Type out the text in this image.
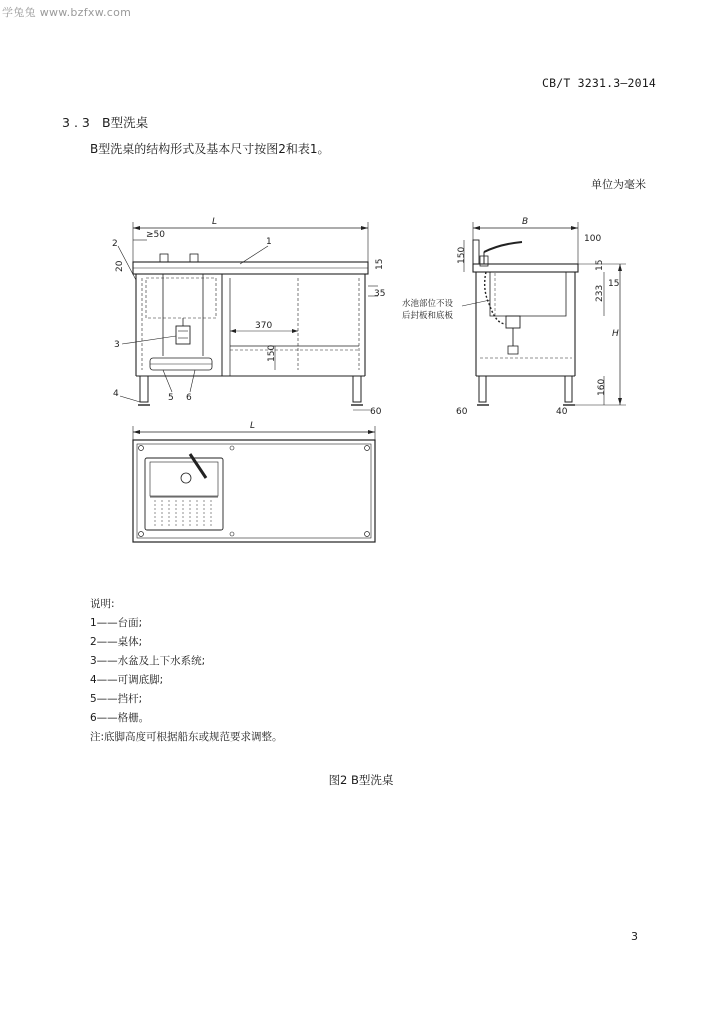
学兔兔 www.bzfxw.com
CB/T 3231.3—2014
3.3 B型洗桌
B型洗桌的结构形式及基本尺寸按图2和表1。
单位为毫米
L
≥50
20	15
35
370
150
60
1
2
3
4	5 6
B
H
100
150
15
233
160
60	40
15
水池部位不设
后封板和底板
L
说明:
1——台面;
2——桌体;
3——水盆及上下水系统;
4——可调底脚;
5——挡杆;
6——格栅。
注:底脚高度可根据船东或规范要求调整。
图2 B型洗桌
3
